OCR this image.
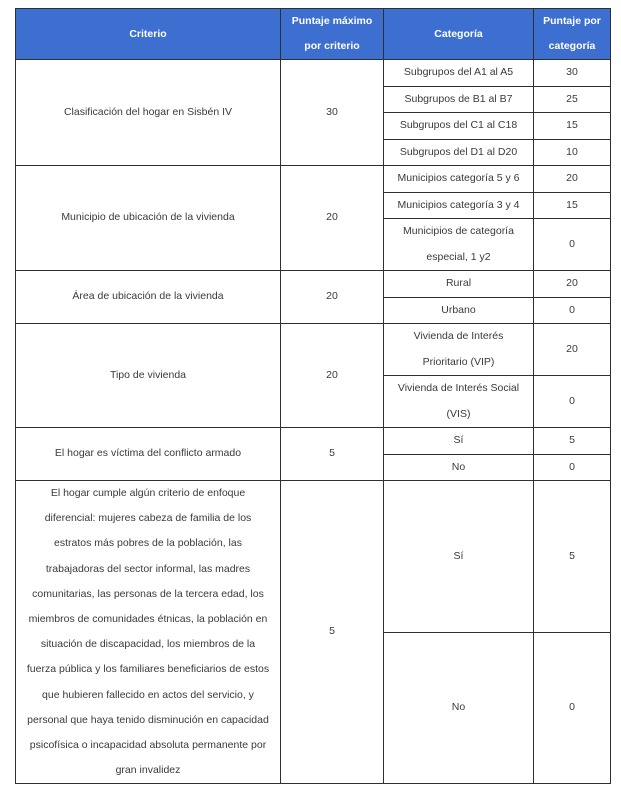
Criterio	Puntaje máximo por criterio	Categoría	Puntaje por categoría
Clasificación del hogar en Sisbén IV	30	Subgrupos del A1 al A5	30
		Subgrupos de B1 al B7	25
		Subgrupos del C1 al C18	15
		Subgrupos del D1 al D20	10
Municipio de ubicación de la vivienda	20	Municipios categoría 5 y 6	20
		Municipios categoría 3 y 4	15
		Municipios de categoría especial, 1 y2	0
Área de ubicación de la vivienda	20	Rural	20
		Urbano	0
Tipo de vivienda	20	Vivienda de Interés Prioritario (VIP)	20
		Vivienda de Interés Social (VIS)	0
El hogar es víctima del conflicto armado	5	Sí	5
		No	0
El hogar cumple algún criterio de enfoque diferencial: mujeres cabeza de familia de los estratos más pobres de la población, las trabajadoras del sector informal, las madres comunitarias, las personas de la tercera edad, los miembros de comunidades étnicas, la población en situación de discapacidad, los miembros de la fuerza pública y los familiares beneficiarios de estos que hubieren fallecido en actos del servicio, y personal que haya tenido disminución en capacidad psicofísica o incapacidad absoluta permanente por gran invalidez	5	Sí	5
		No	0
